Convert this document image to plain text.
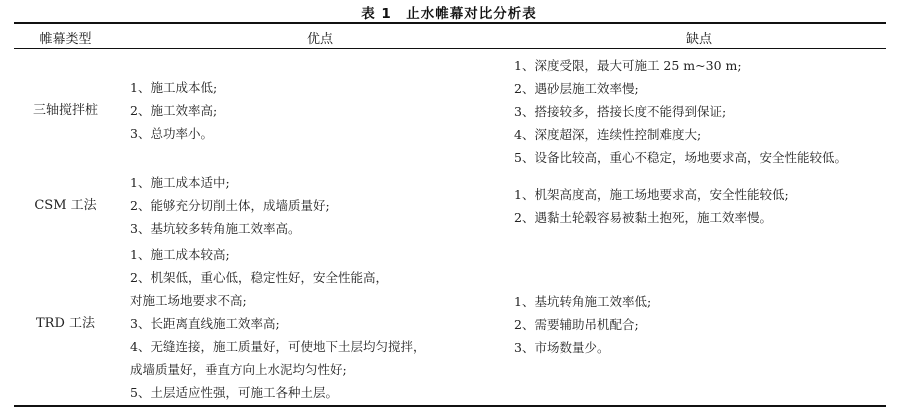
表 1　止水帷幕对比分析表
帷幕类型	优点	缺点
三轴搅拌桩
1、施工成本低;
2、施工效率高;
3、总功率小。
1、深度受限，最大可施工 25 m~30 m;
2、遇砂层施工效率慢;
3、搭接较多，搭接长度不能得到保证;
4、深度超深，连续性控制难度大;
5、设备比较高，重心不稳定，场地要求高，安全性能较低。
CSM 工法
1、施工成本适中;
2、能够充分切削土体，成墙质量好;
3、基坑较多转角施工效率高。
1、机架高度高，施工场地要求高，安全性能较低;
2、遇黏土轮毂容易被黏土抱死，施工效率慢。
TRD 工法
1、施工成本较高;
2、机架低，重心低，稳定性好，安全性能高，
对施工场地要求不高;
3、长距离直线施工效率高;
4、无缝连接，施工质量好，可使地下土层均匀搅拌，
成墙质量好，垂直方向上水泥均匀性好;
5、土层适应性强，可施工各种土层。
1、基坑转角施工效率低;
2、需要辅助吊机配合;
3、市场数量少。
